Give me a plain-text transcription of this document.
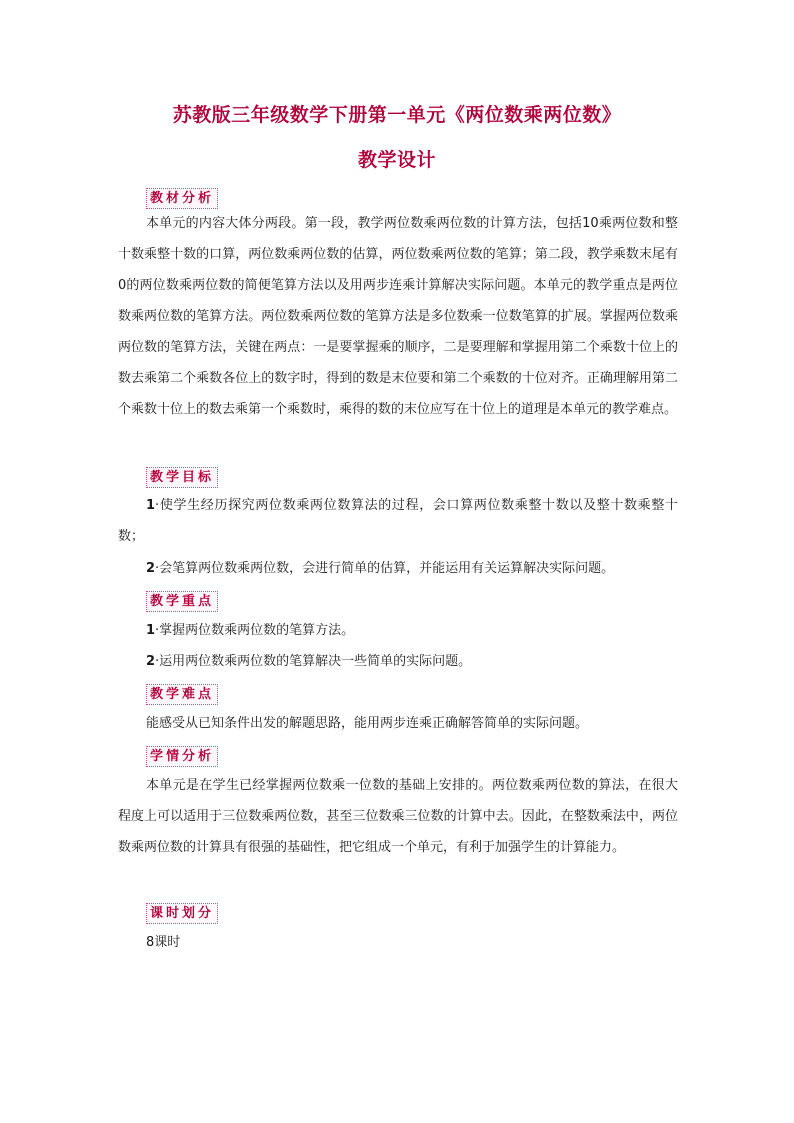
苏教版三年级数学下册第一单元《两位数乘两位数》
教学设计
教材分析
本单元的内容大体分两段。第一段，教学两位数乘两位数的计算方法，包括10乘两位数和整十数乘整十数的口算，两位数乘两位数的估算，两位数乘两位数的笔算；第二段，教学乘数末尾有0的两位数乘两位数的简便笔算方法以及用两步连乘计算解决实际问题。本单元的教学重点是两位数乘两位数的笔算方法。两位数乘两位数的笔算方法是多位数乘一位数笔算的扩展。掌握两位数乘两位数的笔算方法，关键在两点：一是要掌握乘的顺序，二是要理解和掌握用第二个乘数十位上的数去乘第二个乘数各位上的数字时，得到的数是末位要和第二个乘数的十位对齐。正确理解用第二个乘数十位上的数去乘第一个乘数时，乘得的数的末位应写在十位上的道理是本单元的教学难点。
教学目标
1·使学生经历探究两位数乘两位数算法的过程，会口算两位数乘整十数以及整十数乘整十数；
2·会笔算两位数乘两位数，会进行简单的估算，并能运用有关运算解决实际问题。
教学重点
1·掌握两位数乘两位数的笔算方法。
2·运用两位数乘两位数的笔算解决一些简单的实际问题。
教学难点
能感受从已知条件出发的解题思路，能用两步连乘正确解答简单的实际问题。
学情分析
本单元是在学生已经掌握两位数乘一位数的基础上安排的。两位数乘两位数的算法，在很大程度上可以适用于三位数乘两位数，甚至三位数乘三位数的计算中去。因此，在整数乘法中，两位数乘两位数的计算具有很强的基础性，把它组成一个单元，有利于加强学生的计算能力。
课时划分
8课时
